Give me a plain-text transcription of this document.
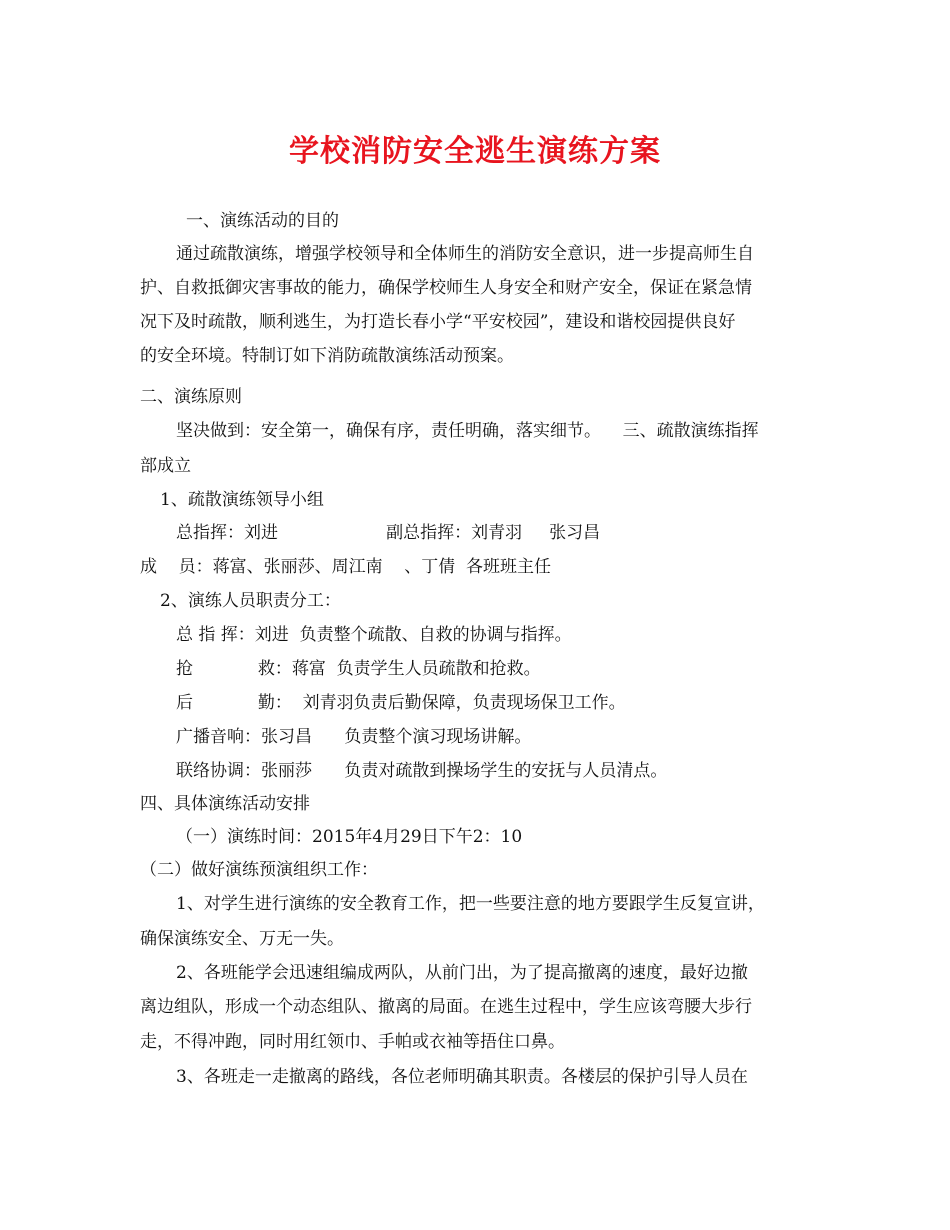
学校消防安全逃生演练方案
一、演练活动的目的
通过疏散演练，增强学校领导和全体师生的消防安全意识，进一步提高师生自
护、自救抵御灾害事故的能力，确保学校师生人身安全和财产安全，保证在紧急情
况下及时疏散，顺利逃生，为打造长春小学“平安校园”，建设和谐校园提供良好
的安全环境。特制订如下消防疏散演练活动预案。
二、演练原则
坚决做到：安全第一，确保有序，责任明确，落实细节。    三、疏散演练指挥
部成立
1、疏散演练领导小组
总指挥：刘进                    副总指挥：刘青羽     张习昌
成    员：蒋富、张丽莎、周江南    、丁倩  各班班主任
2、演练人员职责分工：
总 指 挥：刘进  负责整个疏散、自救的协调与指挥。
抢            救：蒋富  负责学生人员疏散和抢救。
后            勤：  刘青羽负责后勤保障，负责现场保卫工作。
广播音响：张习昌      负责整个演习现场讲解。
联络协调：张丽莎      负责对疏散到操场学生的安抚与人员清点。
四、具体演练活动安排
（一）演练时间：2015年4月29日下午2：10
（二）做好演练预演组织工作：
1、对学生进行演练的安全教育工作，把一些要注意的地方要跟学生反复宣讲，
确保演练安全、万无一失。
2、各班能学会迅速组编成两队，从前门出，为了提高撤离的速度，最好边撤
离边组队，形成一个动态组队、撤离的局面。在逃生过程中，学生应该弯腰大步行
走，不得冲跑，同时用红领巾、手帕或衣袖等捂住口鼻。
3、各班走一走撤离的路线，各位老师明确其职责。各楼层的保护引导人员在
